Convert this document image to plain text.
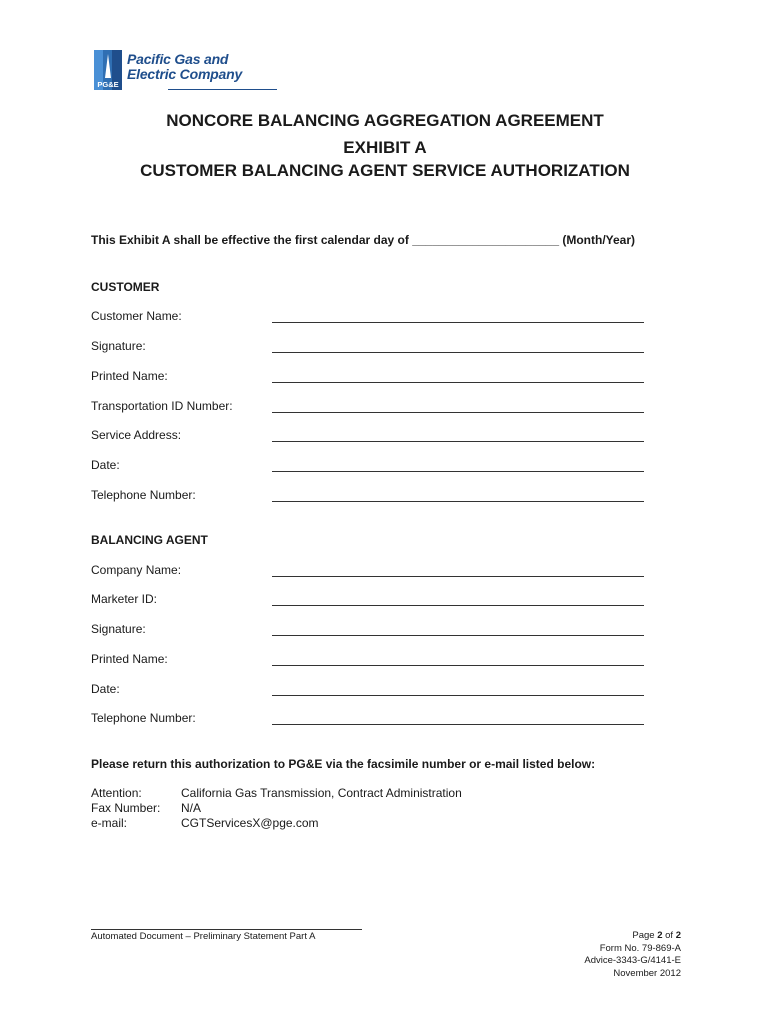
PG&E
Pacific Gas and
Electric Company
NONCORE BALANCING AGGREGATION AGREEMENT
EXHIBIT A
CUSTOMER BALANCING AGENT SERVICE AUTHORIZATION
This Exhibit A shall be effective the first calendar day of ______________________ (Month/Year)
CUSTOMER
Customer Name:
Signature:
Printed Name:
Transportation ID Number:
Service Address:
Date:
Telephone Number:
BALANCING AGENT
Company Name:
Marketer ID:
Signature:
Printed Name:
Date:
Telephone Number:
Please return this authorization to PG&E via the facsimile number or e-mail listed below:
Attention:	California Gas Transmission, Contract Administration
Fax Number: N/A
e-mail:	CGTServicesX@pge.com
Automated Document – Preliminary Statement Part A	Page 2 of 2
Form No. 79-869-A
Advice-3343-G/4141-E
November 2012
